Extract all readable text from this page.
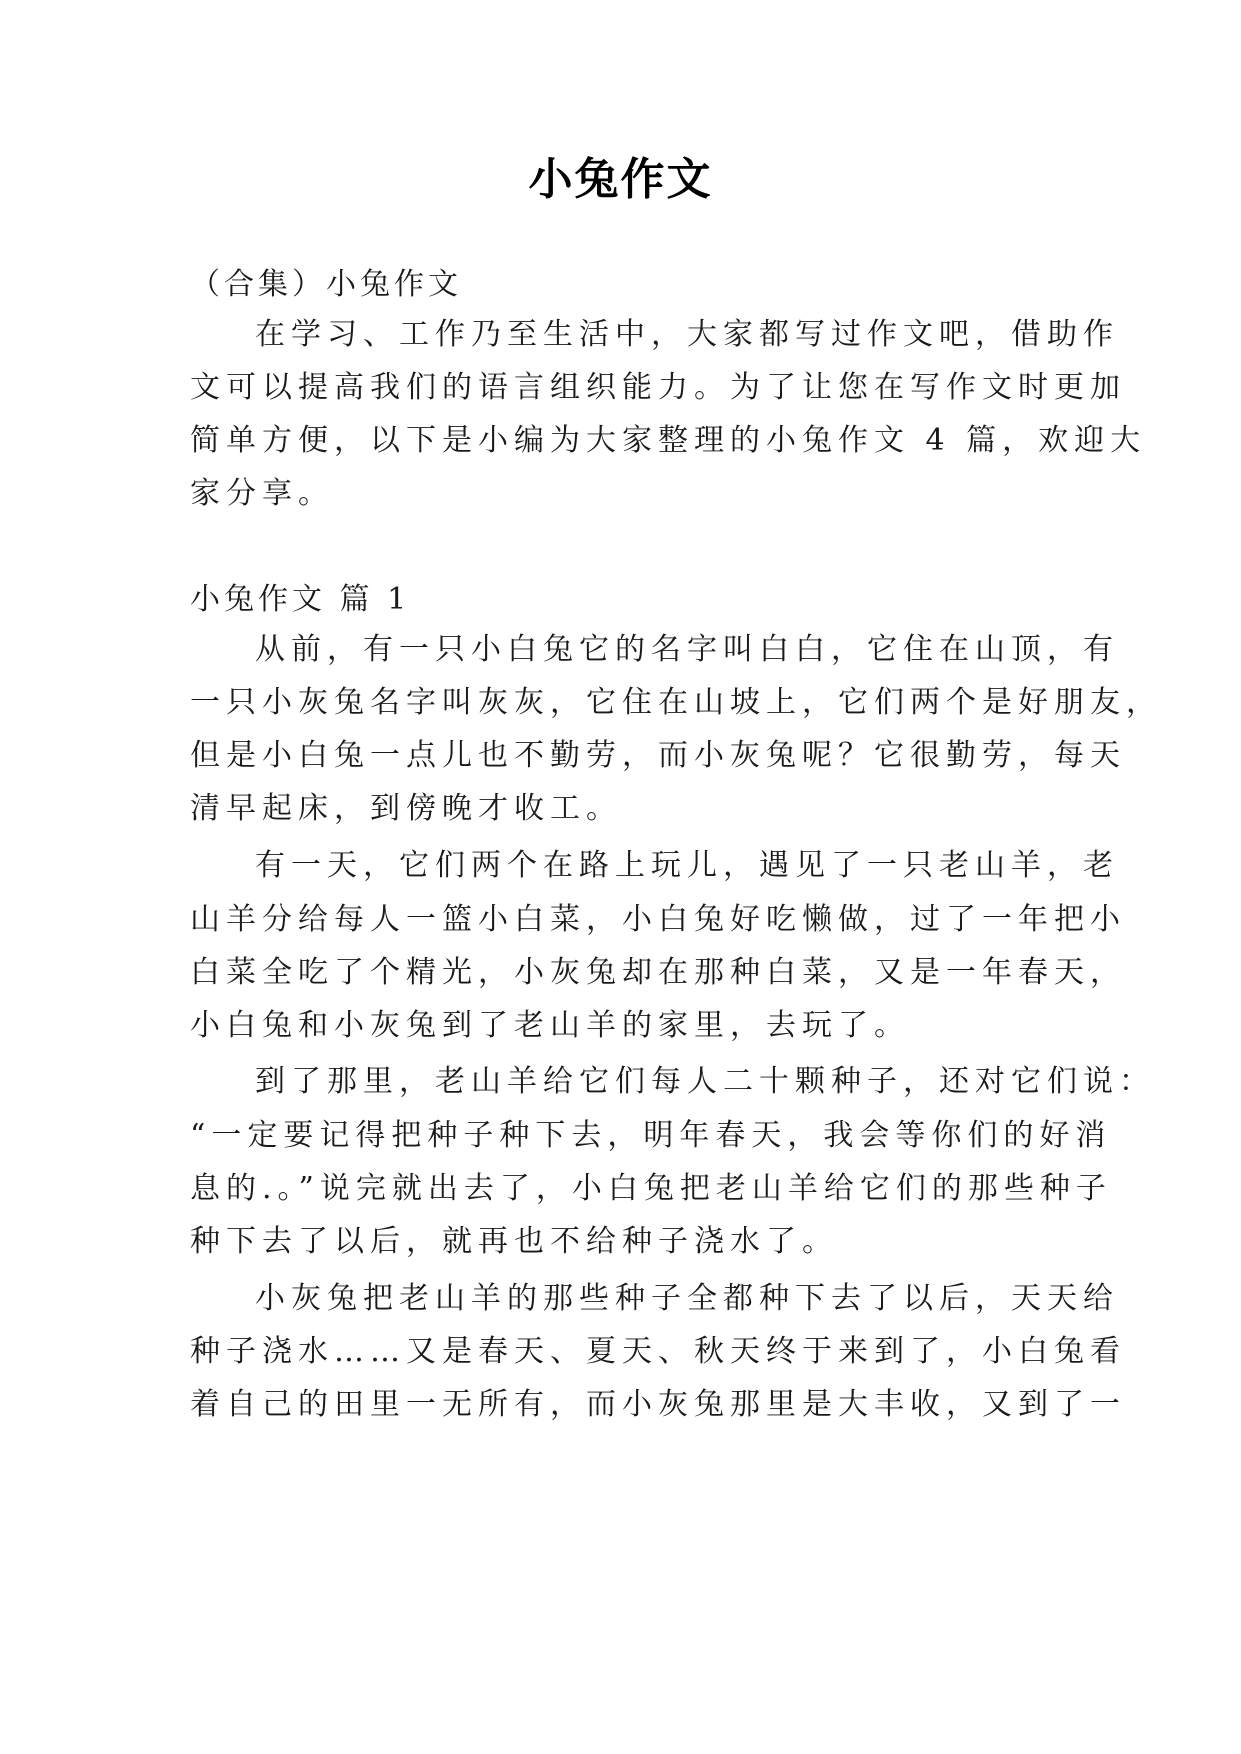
小兔作文
（合集）小兔作文
在学习、工作乃至生活中，大家都写过作文吧，借助作
文可以提高我们的语言组织能力。为了让您在写作文时更加
简单方便，以下是小编为大家整理的小兔作文 4 篇，欢迎大
家分享。
小兔作文 篇 1
从前，有一只小白兔它的名字叫白白，它住在山顶，有
一只小灰兔名字叫灰灰，它住在山坡上，它们两个是好朋友，
但是小白兔一点儿也不勤劳，而小灰兔呢？它很勤劳，每天
清早起床，到傍晚才收工。
有一天，它们两个在路上玩儿，遇见了一只老山羊，老
山羊分给每人一篮小白菜，小白兔好吃懒做，过了一年把小
白菜全吃了个精光，小灰兔却在那种白菜，又是一年春天，
小白兔和小灰兔到了老山羊的家里，去玩了。
到了那里，老山羊给它们每人二十颗种子，还对它们说：
“一定要记得把种子种下去，明年春天，我会等你们的好消
息的.。”说完就出去了，小白兔把老山羊给它们的那些种子
种下去了以后，就再也不给种子浇水了。
小灰兔把老山羊的那些种子全都种下去了以后，天天给
种子浇水……又是春天、夏天、秋天终于来到了，小白兔看
着自己的田里一无所有，而小灰兔那里是大丰收，又到了一
